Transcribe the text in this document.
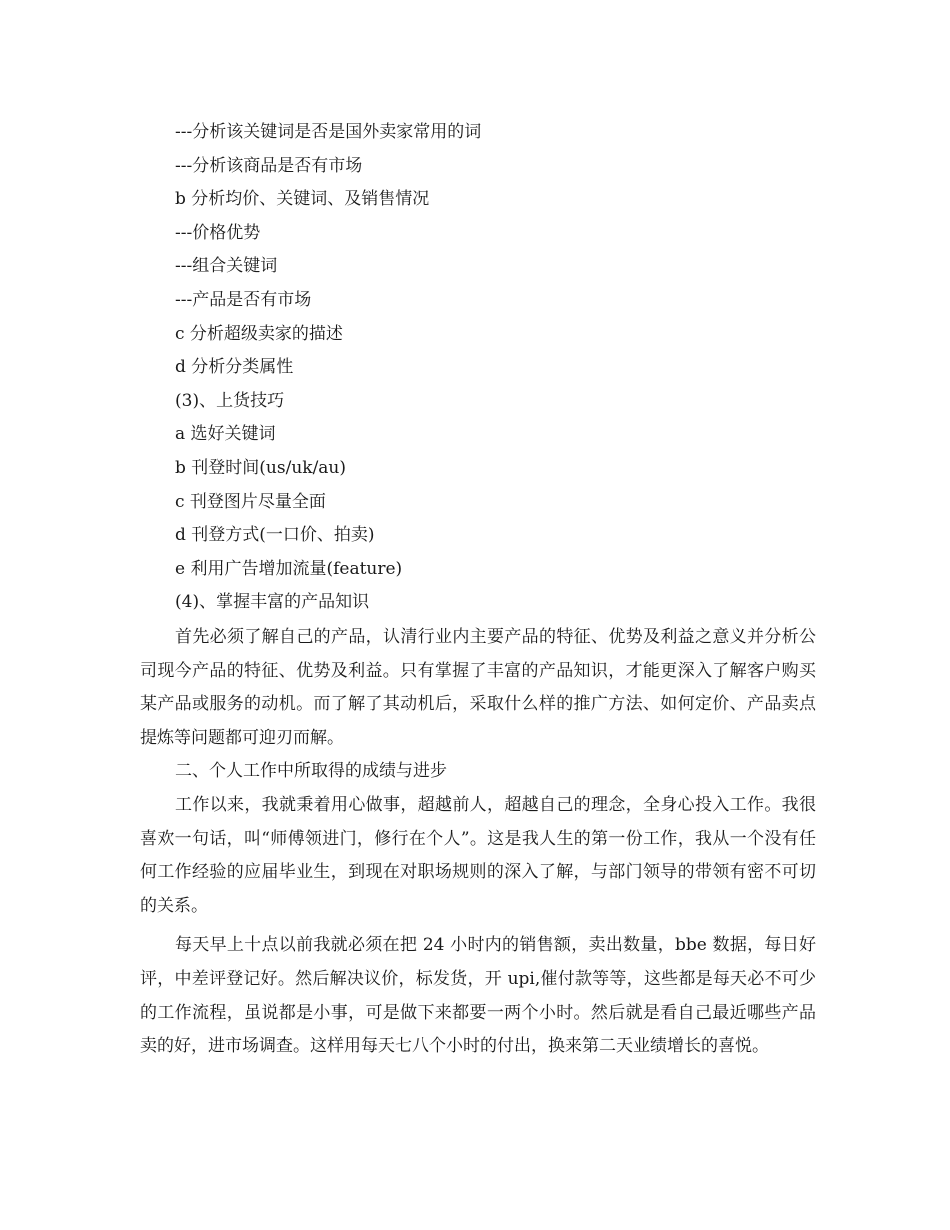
---分析该关键词是否是国外卖家常用的词
---分析该商品是否有市场
b 分析均价、关键词、及销售情况
---价格优势
---组合关键词
---产品是否有市场
c 分析超级卖家的描述
d 分析分类属性
(3)、上货技巧
a 选好关键词
b 刊登时间(us/uk/au)
c 刊登图片尽量全面
d 刊登方式(一口价、拍卖)
e 利用广告增加流量(feature)
(4)、掌握丰富的产品知识

首先必须了解自己的产品，认清行业内主要产品的特征、优势及利益之意义并分析公司现今产品的特征、优势及利益。只有掌握了丰富的产品知识，才能更深入了解客户购买某产品或服务的动机。而了解了其动机后，采取什么样的推广方法、如何定价、产品卖点提炼等问题都可迎刃而解。

二、个人工作中所取得的成绩与进步

工作以来，我就秉着用心做事，超越前人，超越自己的理念，全身心投入工作。我很喜欢一句话，叫“师傅领进门，修行在个人”。这是我人生的第一份工作，我从一个没有任何工作经验的应届毕业生，到现在对职场规则的深入了解，与部门领导的带领有密不可切的关系。

每天早上十点以前我就必须在把 24 小时内的销售额，卖出数量，bbe 数据，每日好评，中差评登记好。然后解决议价，标发货，开 upi,催付款等等，这些都是每天必不可少的工作流程，虽说都是小事，可是做下来都要一两个小时。然后就是看自己最近哪些产品卖的好，进市场调查。这样用每天七八个小时的付出，换来第二天业绩增长的喜悦。
